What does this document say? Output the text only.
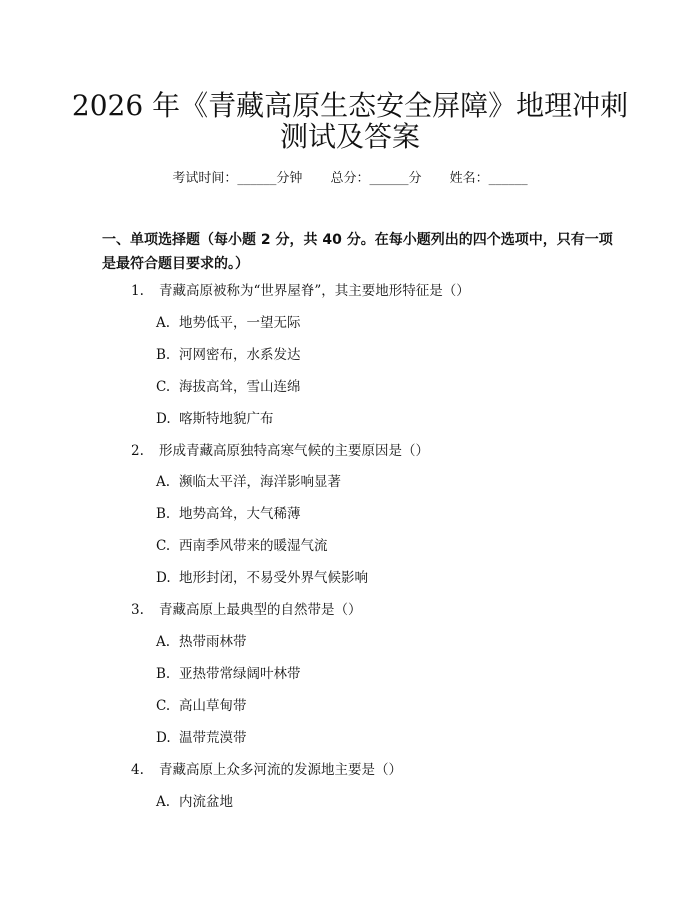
2026 年《青藏高原生态安全屏障》地理冲刺
测试及答案
考试时间：______分钟 总分：______分 姓名：______
一、单项选择题（每小题 2 分，共 40 分。在每小题列出的四个选项中，只有一项
是最符合题目要求的。）
1. 青藏高原被称为“世界屋脊”，其主要地形特征是（）
A. 地势低平，一望无际
B. 河网密布，水系发达
C. 海拔高耸，雪山连绵
D. 喀斯特地貌广布
2. 形成青藏高原独特高寒气候的主要原因是（）
A. 濒临太平洋，海洋影响显著
B. 地势高耸，大气稀薄
C. 西南季风带来的暖湿气流
D. 地形封闭，不易受外界气候影响
3. 青藏高原上最典型的自然带是（）
A. 热带雨林带
B. 亚热带常绿阔叶林带
C. 高山草甸带
D. 温带荒漠带
4. 青藏高原上众多河流的发源地主要是（）
A. 内流盆地
